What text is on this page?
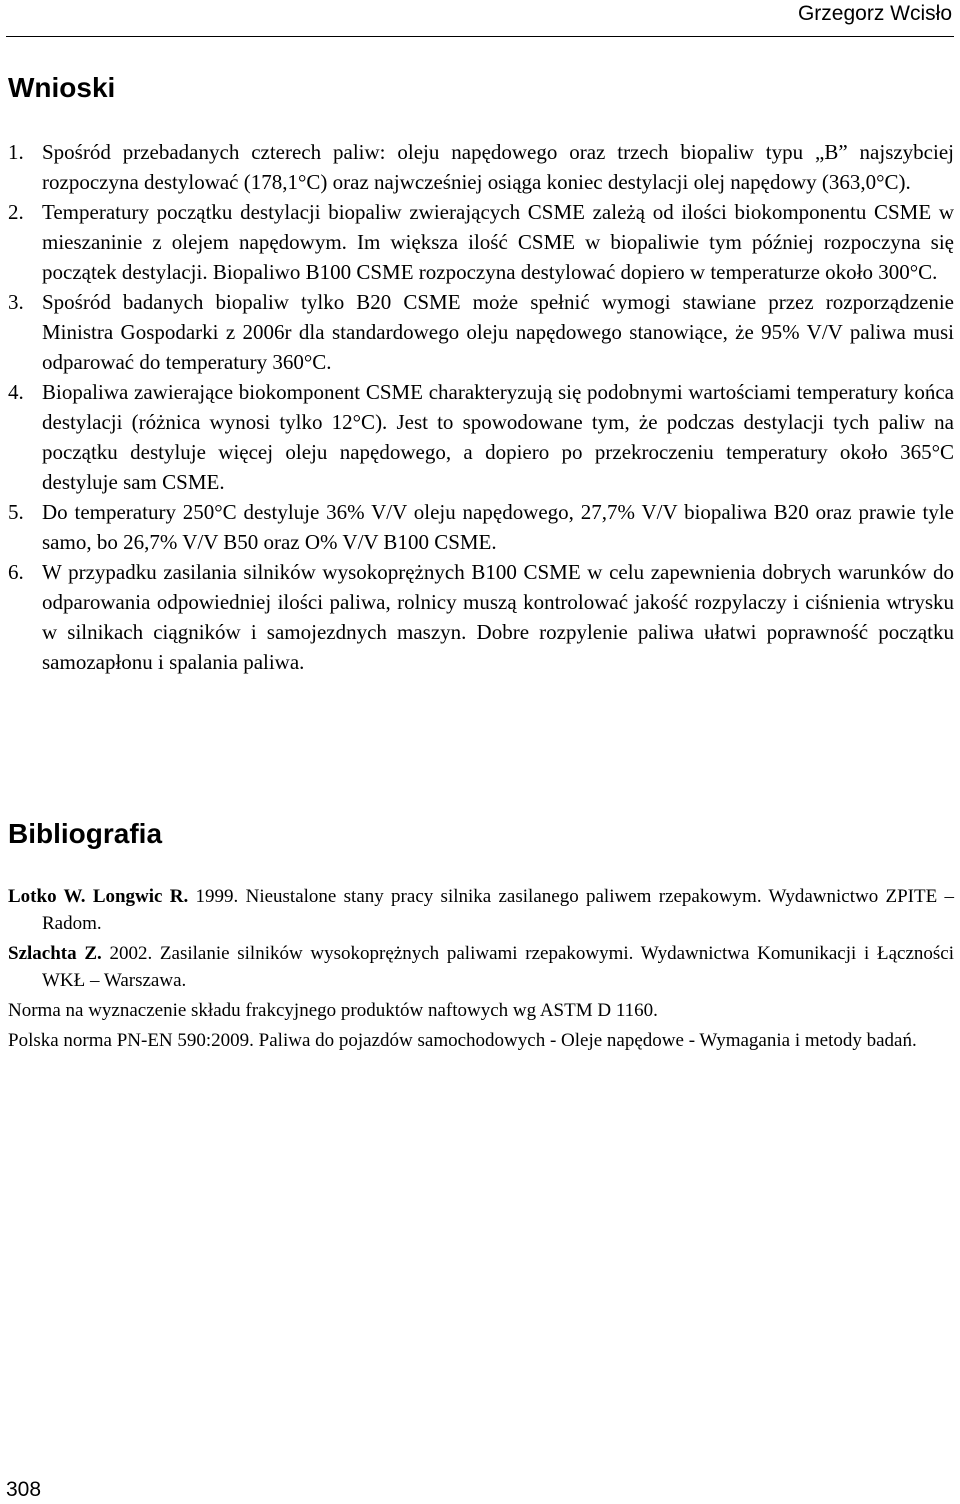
Grzegorz Wcisło
Wnioski
1. Spośród przebadanych czterech paliw: oleju napędowego oraz trzech biopaliw typu „B” najszybciej rozpoczyna destylować (178,1°C) oraz najwcześniej osiąga koniec destylacji olej napędowy (363,0°C).
2. Temperatury początku destylacji biopaliw zwierających CSME zależą od ilości biokomponentu CSME w mieszaninie z olejem napędowym. Im większa ilość CSME w biopaliwie tym później rozpoczyna się początek destylacji. Biopaliwo B100 CSME rozpoczyna destylować dopiero w temperaturze około 300°C.
3. Spośród badanych biopaliw tylko B20 CSME może spełnić wymogi stawiane przez rozporządzenie Ministra Gospodarki z 2006r dla standardowego oleju napędowego stanowiące, że 95% V/V paliwa musi odparować do temperatury 360°C.
4. Biopaliwa zawierające biokomponent CSME charakteryzują się podobnymi wartościami temperatury końca destylacji (różnica wynosi tylko 12°C). Jest to spowodowane tym, że podczas destylacji tych paliw na początku destyluje więcej oleju napędowego, a dopiero po przekroczeniu temperatury około 365°C destyluje sam CSME.
5. Do temperatury 250°C destyluje 36% V/V oleju napędowego, 27,7% V/V biopaliwa B20 oraz prawie tyle samo, bo 26,7% V/V B50 oraz O% V/V B100 CSME.
6. W przypadku zasilania silników wysokoprężnych B100 CSME w celu zapewnienia dobrych warunków do odparowania odpowiedniej ilości paliwa, rolnicy muszą kontrolować jakość rozpylaczy i ciśnienia wtrysku w silnikach ciągników i samojezdnych maszyn. Dobre rozpylenie paliwa ułatwi poprawność początku samozapłonu i spalania paliwa.
Bibliografia
Lotko W. Longwic R. 1999. Nieustalone stany pracy silnika zasilanego paliwem rzepakowym. Wydawnictwo ZPITE – Radom.
Szlachta Z. 2002. Zasilanie silników wysokoprężnych paliwami rzepakowymi. Wydawnictwa Komunikacji i Łączności WKŁ – Warszawa.
Norma na wyznaczenie składu frakcyjnego produktów naftowych wg ASTM D 1160.
Polska norma PN-EN 590:2009. Paliwa do pojazdów samochodowych - Oleje napędowe - Wymagania i metody badań.
308
